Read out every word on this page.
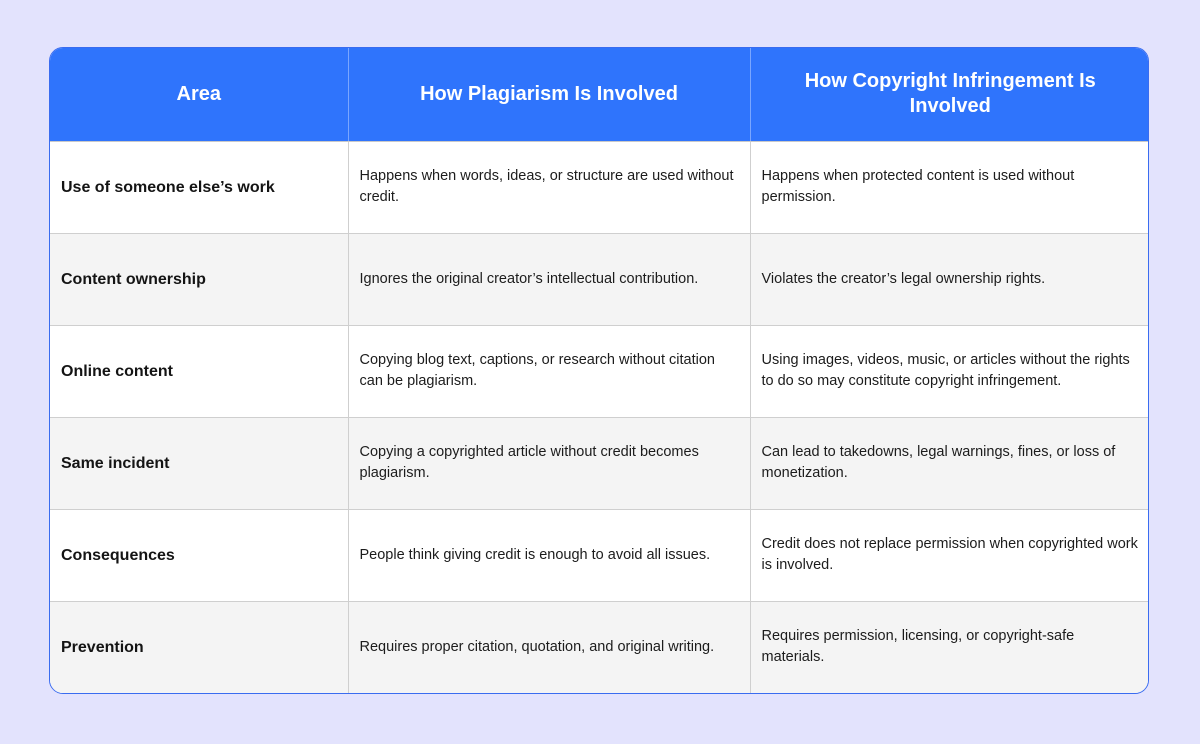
Area	How Plagiarism Is Involved	How Copyright Infringement Is Involved
Use of someone else’s work	Happens when words, ideas, or structure are used without credit.	Happens when protected content is used without permission.
Content ownership	Ignores the original creator’s intellectual contribution.	Violates the creator’s legal ownership rights.
Online content	Copying blog text, captions, or research without citation can be plagiarism.	Using images, videos, music, or articles without the rights to do so may constitute copyright infringement.
Same incident	Copying a copyrighted article without credit becomes plagiarism.	Can lead to takedowns, legal warnings, fines, or loss of monetization.
Consequences	People think giving credit is enough to avoid all issues.	Credit does not replace permission when copyrighted work is involved.
Prevention	Requires proper citation, quotation, and original writing.	Requires permission, licensing, or copyright-safe materials.
